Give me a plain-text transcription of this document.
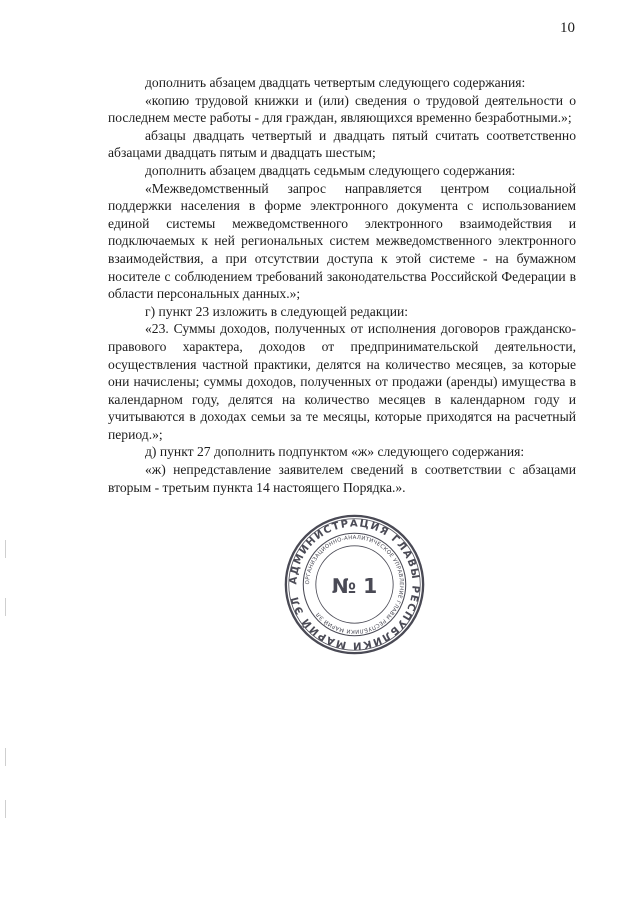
10

дополнить абзацем двадцать четвертым следующего содержания:

«копию трудовой книжки и (или) сведения о трудовой деятельности о последнем месте работы - для граждан, являющихся временно безработными.»;

абзацы двадцать четвертый и двадцать пятый считать соответственно абзацами двадцать пятым и двадцать шестым;

дополнить абзацем двадцать седьмым следующего содержания:

«Межведомственный запрос направляется центром социальной поддержки населения в форме электронного документа с использованием единой системы межведомственного электронного взаимодействия и подключаемых к ней региональных систем межведомственного электронного взаимодействия, а при отсутствии доступа к этой системе - на бумажном носителе с соблюдением требований законодательства Российской Федерации в области персональных данных.»;

г) пункт 23 изложить в следующей редакции:

«23. Суммы доходов, полученных от исполнения договоров гражданско-правового характера, доходов от предпринимательской деятельности, осуществления частной практики, делятся на количество месяцев, за которые они начислены; суммы доходов, полученных от продажи (аренды) имущества в календарном году, делятся на количество месяцев в календарном году и учитываются в доходах семьи за те месяцы, которые приходятся на расчетный период.»;

д) пункт 27 дополнить подпунктом «ж» следующего содержания:

«ж) непредставление заявителем сведений в соответствии с абзацами вторым - третьим пункта 14 настоящего Порядка.».

АДМИНИСТРАЦИЯ ГЛАВЫ РЕСПУБЛИКИ МАРИЙ ЭЛ
ОРГАНИЗАЦИОННО-АНАЛИТИЧЕСКОЕ УПРАВЛЕНИЕ ГЛАВЫ РЕСПУБЛИКИ МАРИЙ ЭЛ
№ 1
